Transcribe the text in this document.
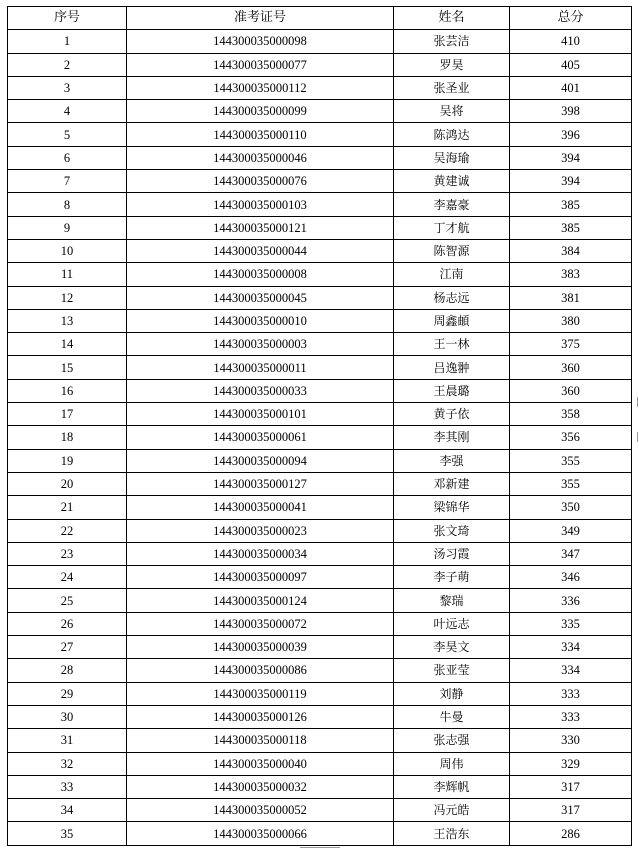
序号	准考证号	姓名	总分
1	144300035000098	张芸洁	410
2	144300035000077	罗昊	405
3	144300035000112	张圣业	401
4	144300035000099	吴将	398
5	144300035000110	陈鸿达	396
6	144300035000046	吴海瑜	394
7	144300035000076	黄建诚	394
8	144300035000103	李嘉豪	385
9	144300035000121	丁才航	385
10	144300035000044	陈智源	384
11	144300035000008	江南	383
12	144300035000045	杨志远	381
13	144300035000010	周鑫頔	380
14	144300035000003	王一林	375
15	144300035000011	吕逸翀	360
16	144300035000033	王晨璐	360
17	144300035000101	黄子依	358
18	144300035000061	李其刚	356
19	144300035000094	李强	355
20	144300035000127	邓新建	355
21	144300035000041	梁锦华	350
22	144300035000023	张文琦	349
23	144300035000034	汤习霞	347
24	144300035000097	李子萌	346
25	144300035000124	黎瑞	336
26	144300035000072	叶远志	335
27	144300035000039	李昊文	334
28	144300035000086	张亚莹	334
29	144300035000119	刘静	333
30	144300035000126	牛曼	333
31	144300035000118	张志强	330
32	144300035000040	周伟	329
33	144300035000032	李辉帆	317
34	144300035000052	冯元皓	317
35	144300035000066	王浩东	286
